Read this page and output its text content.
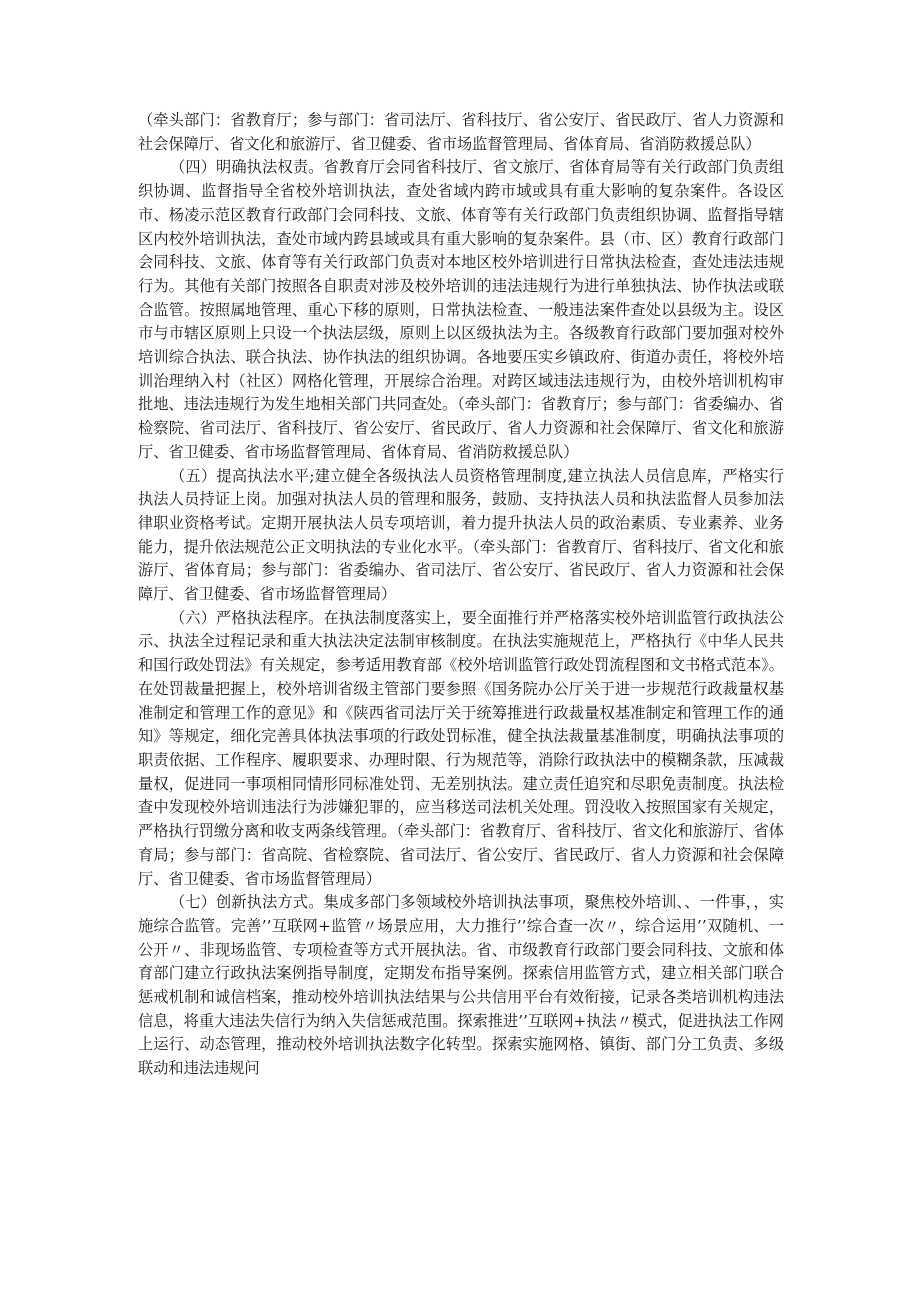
（牵头部门：省教育厅；参与部门：省司法厅、省科技厅、省公安厅、省民政厅、省人力资源和社会保障厅、省文化和旅游厅、省卫健委、省市场监督管理局、省体育局、省消防救援总队）

（四）明确执法权责。省教育厅会同省科技厅、省文旅厅、省体育局等有关行政部门负责组织协调、监督指导全省校外培训执法，查处省域内跨市域或具有重大影响的复杂案件。各设区市、杨凌示范区教育行政部门会同科技、文旅、体育等有关行政部门负责组织协调、监督指导辖区内校外培训执法，查处市域内跨县域或具有重大影响的复杂案件。县（市、区）教育行政部门会同科技、文旅、体育等有关行政部门负责对本地区校外培训进行日常执法检查，查处违法违规行为。其他有关部门按照各自职责对涉及校外培训的违法违规行为进行单独执法、协作执法或联合监管。按照属地管理、重心下移的原则，日常执法检查、一般违法案件查处以县级为主。设区市与市辖区原则上只设一个执法层级，原则上以区级执法为主。各级教育行政部门要加强对校外培训综合执法、联合执法、协作执法的组织协调。各地要压实乡镇政府、街道办责任，将校外培训治理纳入村（社区）网格化管理，开展综合治理。对跨区域违法违规行为，由校外培训机构审批地、违法违规行为发生地相关部门共同查处。（牵头部门：省教育厅；参与部门：省委编办、省检察院、省司法厅、省科技厅、省公安厅、省民政厅、省人力资源和社会保障厅、省文化和旅游厅、省卫健委、省市场监督管理局、省体育局、省消防救援总队）

（五）提高执法水平;建立健全各级执法人员资格管理制度,建立执法人员信息库，严格实行执法人员持证上岗。加强对执法人员的管理和服务，鼓励、支持执法人员和执法监督人员参加法律职业资格考试。定期开展执法人员专项培训，着力提升执法人员的政治素质、专业素养、业务能力，提升依法规范公正文明执法的专业化水平。（牵头部门：省教育厅、省科技厅、省文化和旅游厅、省体育局；参与部门：省委编办、省司法厅、省公安厅、省民政厅、省人力资源和社会保障厅、省卫健委、省市场监督管理局）

（六）严格执法程序。在执法制度落实上，要全面推行并严格落实校外培训监管行政执法公示、执法全过程记录和重大执法决定法制审核制度。在执法实施规范上，严格执行《中华人民共和国行政处罚法》有关规定，参考适用教育部《校外培训监管行政处罚流程图和文书格式范本》。在处罚裁量把握上，校外培训省级主管部门要参照《国务院办公厅关于进一步规范行政裁量权基准制定和管理工作的意见》和《陕西省司法厅关于统筹推进行政裁量权基准制定和管理工作的通知》等规定，细化完善具体执法事项的行政处罚标准，健全执法裁量基准制度，明确执法事项的职责依据、工作程序、履职要求、办理时限、行为规范等，消除行政执法中的模糊条款，压减裁量权，促进同一事项相同情形同标准处罚、无差别执法。建立责任追究和尽职免责制度。执法检查中发现校外培训违法行为涉嫌犯罪的，应当移送司法机关处理。罚没收入按照国家有关规定，严格执行罚缴分离和收支两条线管理。（牵头部门：省教育厅、省科技厅、省文化和旅游厅、省体育局；参与部门：省高院、省检察院、省司法厅、省公安厅、省民政厅、省人力资源和社会保障厅、省卫健委、省市场监督管理局）

（七）创新执法方式。集成多部门多领域校外培训执法事项，聚焦校外培训、、一件事，，实施综合监管。完善’’互联网+监管〃场景应用，大力推行’’综合查一次〃，综合运用’’双随机、一公开〃、非现场监管、专项检查等方式开展执法。省、市级教育行政部门要会同科技、文旅和体育部门建立行政执法案例指导制度，定期发布指导案例。探索信用监管方式，建立相关部门联合惩戒机制和诚信档案，推动校外培训执法结果与公共信用平台有效衔接，记录各类培训机构违法信息，将重大违法失信行为纳入失信惩戒范围。探索推进’’互联网+执法〃模式，促进执法工作网上运行、动态管理，推动校外培训执法数字化转型。探索实施网格、镇街、部门分工负责、多级联动和违法违规问
